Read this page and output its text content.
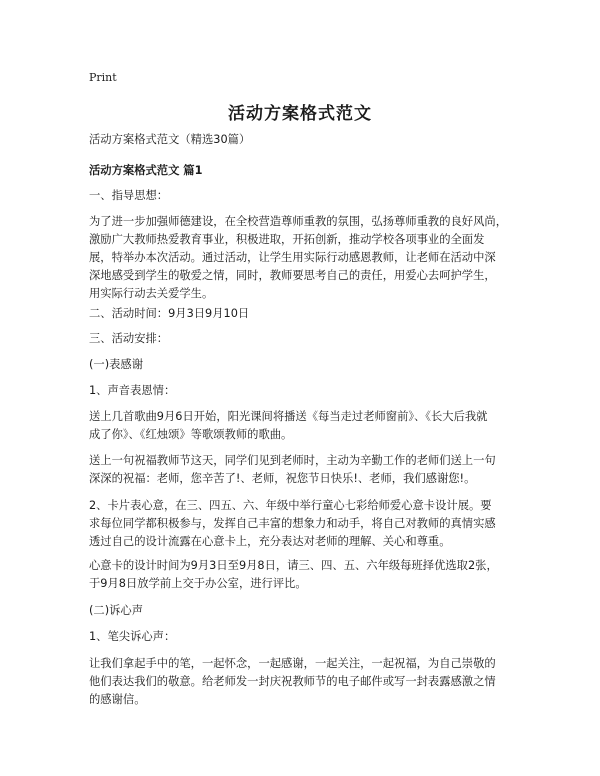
Print
活动方案格式范文

活动方案格式范文（精选30篇）

活动方案格式范文 篇1

一、指导思想：

为了进一步加强师德建设，在全校营造尊师重教的氛围，弘扬尊师重教的良好风尚，
激励广大教师热爱教育事业，积极进取，开拓创新，推动学校各项事业的全面发
展，特举办本次活动。通过活动，让学生用实际行动感恩教师，让老师在活动中深
深地感受到学生的敬爱之情，同时，教师要思考自己的责任，用爱心去呵护学生，
用实际行动去关爱学生。

二、活动时间：9月3日9月10日

三、活动安排：

(一)表感谢

1、声音表恩情：

送上几首歌曲9月6日开始，阳光课间将播送《每当走过老师窗前》、《长大后我就
成了你》、《红烛颂》等歌颂教师的歌曲。

送上一句祝福教师节这天，同学们见到老师时，主动为辛勤工作的老师们送上一句
深深的祝福：老师，您辛苦了!、老师，祝您节日快乐!、老师，我们感谢您!。

2、卡片表心意，在三、四五、六、年级中举行童心七彩给师爱心意卡设计展。要
求每位同学都积极参与，发挥自己丰富的想象力和动手，将自己对教师的真情实感
透过自己的设计流露在心意卡上，充分表达对老师的理解、关心和尊重。

心意卡的设计时间为9月3日至9月8日，请三、四、五、六年级每班择优选取2张，
于9月8日放学前上交于办公室，进行评比。

(二)诉心声

1、笔尖诉心声：

让我们拿起手中的笔，一起怀念，一起感谢，一起关注，一起祝福，为自己崇敬的
他们表达我们的敬意。给老师发一封庆祝教师节的电子邮件或写一封表露感激之情
的感谢信。
